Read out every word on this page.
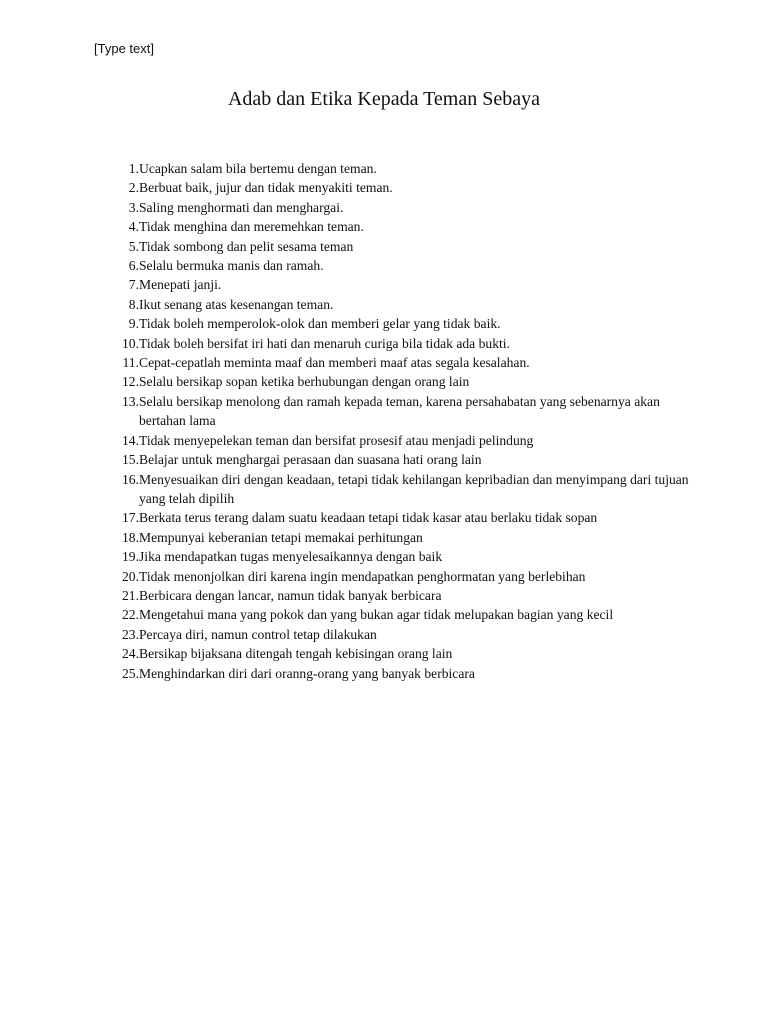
[Type text]
Adab dan Etika Kepada Teman Sebaya
1. Ucapkan salam bila bertemu dengan teman.
2. Berbuat baik, jujur dan tidak menyakiti teman.
3. Saling menghormati dan menghargai.
4. Tidak menghina dan meremehkan teman.
5. Tidak sombong dan pelit sesama teman
6. Selalu bermuka manis dan ramah.
7. Menepati janji.
8. Ikut senang atas kesenangan teman.
9. Tidak boleh memperolok-olok dan memberi gelar yang tidak baik.
10. Tidak boleh bersifat iri hati dan menaruh curiga bila tidak ada bukti.
11. Cepat-cepatlah meminta maaf dan memberi maaf atas segala kesalahan.
12. Selalu bersikap sopan ketika berhubungan dengan orang lain
13. Selalu bersikap menolong dan ramah kepada teman, karena persahabatan yang sebenarnya akan bertahan lama
14. Tidak menyepelekan teman dan bersifat prosesif atau menjadi pelindung
15. Belajar untuk menghargai perasaan dan suasana hati orang lain
16. Menyesuaikan diri dengan keadaan, tetapi tidak kehilangan kepribadian dan menyimpang dari tujuan yang telah dipilih
17. Berkata terus terang dalam suatu keadaan tetapi tidak kasar atau berlaku tidak sopan
18. Mempunyai keberanian tetapi memakai perhitungan
19. Jika mendapatkan tugas menyelesaikannya dengan baik
20. Tidak menonjolkan diri karena ingin mendapatkan penghormatan yang berlebihan
21. Berbicara dengan lancar, namun tidak banyak berbicara
22. Mengetahui mana yang pokok dan yang bukan agar tidak melupakan bagian yang kecil
23. Percaya diri, namun control tetap dilakukan
24. Bersikap bijaksana ditengah tengah kebisingan orang lain
25. Menghindarkan diri dari oranng-orang yang banyak berbicara
